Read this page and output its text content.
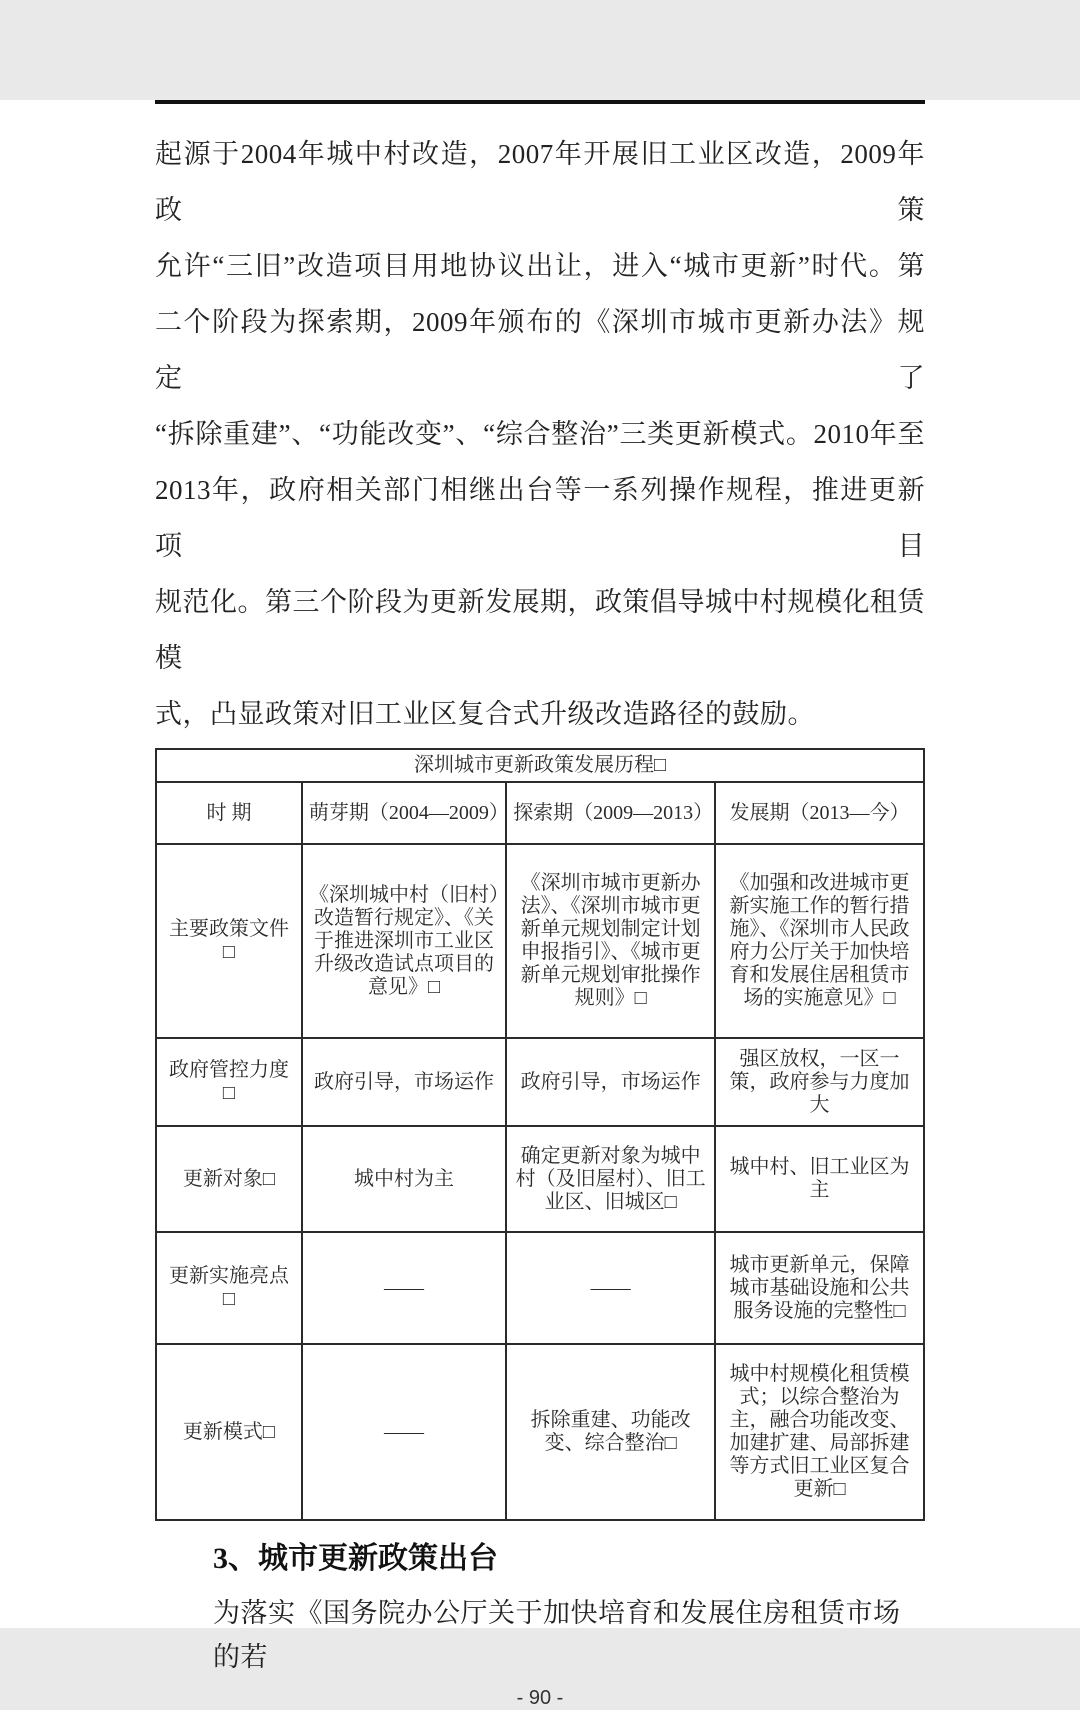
起源于2004年城中村改造，2007年开展旧工业区改造，2009年政策
允许“三旧”改造项目用地协议出让，进入“城市更新”时代。第
二个阶段为探索期，2009年颁布的《深圳市城市更新办法》规定了
“拆除重建”、“功能改变”、“综合整治”三类更新模式。2010年至
2013年，政府相关部门相继出台等一系列操作规程，推进更新项目
规范化。第三个阶段为更新发展期，政策倡导城中村规模化租赁模
式，凸显政策对旧工业区复合式升级改造路径的鼓励。
深圳城市更新政策发展历程□			
时 期	萌芽期（2004—2009）	探索期（2009—2013）	发展期（2013—今）
主要政策文件□	《深圳城中村（旧村）改造暂行规定》、《关于推进深圳市工业区升级改造试点项目的意见》□	《深圳市城市更新办法》、《深圳市城市更新单元规划制定计划申报指引》、《城市更新单元规划审批操作规则》□	《加强和改进城市更新实施工作的暂行措施》、《深圳市人民政府力公厅关于加快培育和发展住居租赁市场的实施意见》□
政府管控力度□	政府引导，市场运作	政府引导，市场运作	强区放权，一区一策，政府参与力度加大
更新对象□	城中村为主	确定更新对象为城中村（及旧屋村）、旧工业区、旧城区□	城中村、旧工业区为主
更新实施亮点□	——	——	城市更新单元，保障城市基础设施和公共服务设施的完整性□
更新模式□	——	拆除重建、功能改变、综合整治□	城中村规模化租赁模式；以综合整治为主，融合功能改变、加建扩建、局部拆建等方式旧工业区复合更新□
3、城市更新政策出台
为落实《国务院办公厅关于加快培育和发展住房租赁市场的若
- 90 -
